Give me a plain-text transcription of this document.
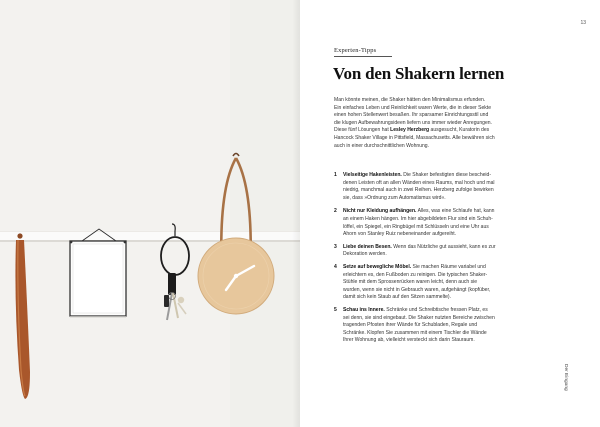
13
Experten-Tipps
Von den Shakern lernen
Man könnte meinen, die Shaker hätten den Minimalismus erfunden.
Ein einfaches Leben und Reinlichkeit waren Werte, die in dieser Sekte
einen hohen Stellenwert besaßen. Ihr sparsamer Einrichtungsstil und
die klugen Aufbewahrungsideen liefern uns immer wieder Anregungen.
Diese fünf Lösungen hat Lesley Herzberg ausgesucht, Kuratorin des
Hancock Shaker Village in Pittsfield, Massachusetts. Alle bewähren sich
auch in einer durchschnittlichen Wohnung.
1 Vielseitige Hakenleisten. Die Shaker befestigten diese bescheid-
denen Leisten oft an allen Wänden eines Raums, mal hoch und mal
niedrig, manchmal auch in zwei Reihen. Herzberg zufolge bewirken
sie, dass »Ordnung zum Automatismus wird«.
2 Nicht nur Kleidung aufhängen. Alles, was eine Schlaufe hat, kann
an einem Haken hängen. Im hier abgebildeten Flur sind ein Schuh-
löffel, ein Spiegel, ein Ringbügel mit Schlüsseln und eine Uhr aus
Ahorn von Stanley Ruiz nebeneinander aufgereiht.
3 Liebe deinen Besen. Wenn das Nützliche gut aussieht, kann es zur
Dekoration werden.
4 Setze auf bewegliche Möbel. Sie machen Räume variabel und
erleichtern es, den Fußboden zu reinigen. Die typischen Shaker-
Stühle mit dem Sprossenrücken waren leicht, denn auch sie
wurden, wenn sie nicht in Gebrauch waren, aufgehängt (kopfüber,
damit sich kein Staub auf den Sitzen sammelte).
5 Schau ins Innere. Schränke und Schreibtische fressen Platz, es
sei denn, sie sind eingebaut. Die Shaker nutzten Bereiche zwischen
tragenden Pfosten ihrer Wände für Schubladen, Regale und
Schränke. Klopfen Sie zusammen mit einem Tischler die Wände
Ihrer Wohnung ab, vielleicht versteckt sich darin Stauraum.
Der Eingang
